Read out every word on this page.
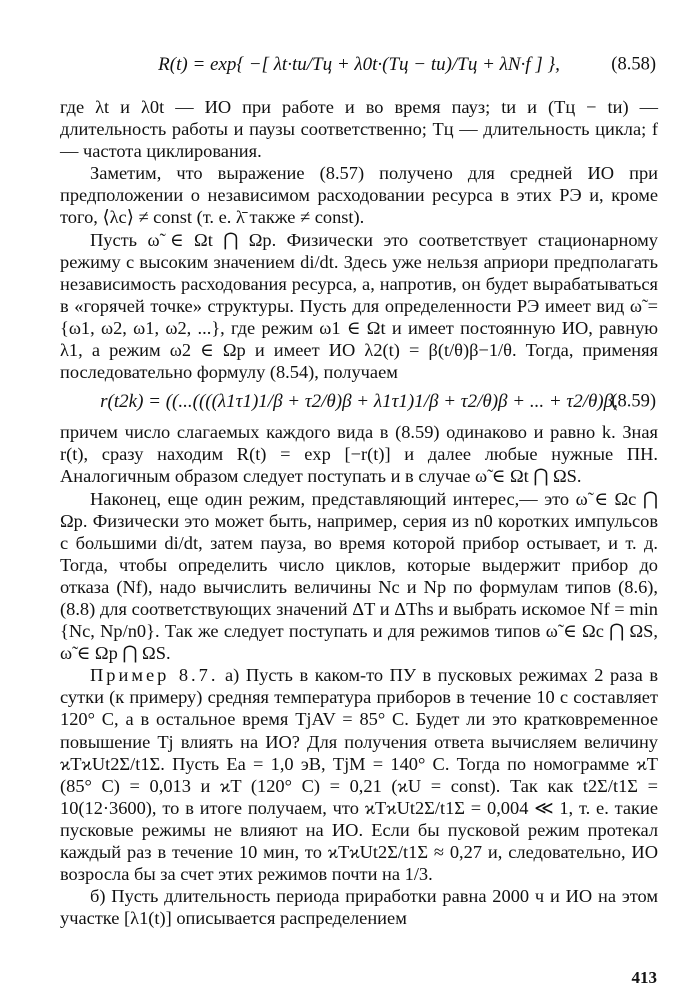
R(t) = exp{ −[ λt·tи/Tц + λ0t·(Tц − tи)/Tц + λN·f ] },	(8.58)

где λt и λ0t — ИО при работе и во время пауз; tи и (Tц − tи) — длительность работы и паузы соответственно; Tц — длительность цикла; f — частота циклирования.

Заметим, что выражение (8.57) получено для средней ИО при предположении о независимом расходовании ресурса в этих РЭ и, кроме того, ⟨λc⟩ ≠ const (т. е. λ̄ также ≠ const).

Пусть ω̃ ∈ Ωt ⋂ Ωp. Физически это соответствует стационарному режиму с высоким значением di/dt. Здесь уже нельзя априори предполагать независимость расходования ресурса, а, напротив, он будет вырабатываться в «горячей точке» структуры. Пусть для определенности РЭ имеет вид ω̃ = {ω1, ω2, ω1, ω2, ...}, где режим ω1 ∈ Ωt и имеет постоянную ИО, равную λ1, а режим ω2 ∈ Ωp и имеет ИО λ2(t) = β(t/θ)β−1/θ. Тогда, применяя последовательно формулу (8.54), получаем

r(t2k) = ((...((((λ1τ1)1/β + τ2/θ)β + λ1τ1)1/β + τ2/θ)β + ... + τ2/θ)β,
(8.59)

причем число слагаемых каждого вида в (8.59) одинаково и равно k. Зная r(t), сразу находим R(t) = exp [−r(t)] и далее любые нужные ПН. Аналогичным образом следует поступать и в случае ω̃ ∈ Ωt ⋂ ΩS.

Наконец, еще один режим, представляющий интерес,— это ω̃ ∈ Ωc ⋂ Ωp. Физически это может быть, например, серия из n0 коротких импульсов с большими di/dt, затем пауза, во время которой прибор остывает, и т. д. Тогда, чтобы определить число циклов, которые выдержит прибор до отказа (Nf), надо вычислить величины Nc и Np по формулам типов (8.6), (8.8) для соответствующих значений ΔT и ΔThs и выбрать искомое Nf = min {Nc, Np/n0}. Так же следует поступать и для режимов типов ω̃ ∈ Ωc ⋂ ΩS, ω̃ ∈ Ωp ⋂ ΩS.

Пример 8.7. а) Пусть в каком-то ПУ в пусковых режимах 2 раза в сутки (к примеру) средняя температура приборов в течение 10 с составляет 120° С, а в остальное время TjAV = 85° С. Будет ли это кратковременное повышение Tj влиять на ИО? Для получения ответа вычисляем величину ϰTϰUt2Σ/t1Σ. Пусть Ea = 1,0 эВ, TjM = 140° С. Тогда по номограмме ϰT (85° С) = 0,013 и ϰT (120° С) = 0,21 (ϰU = const). Так как t2Σ/t1Σ = 10(12·3600), то в итоге получаем, что ϰTϰUt2Σ/t1Σ = 0,004 ≪ 1, т. е. такие пусковые режимы не влияют на ИО. Если бы пусковой режим протекал каждый раз в течение 10 мин, то ϰTϰUt2Σ/t1Σ ≈ 0,27 и, следовательно, ИО возросла бы за счет этих режимов почти на 1/3.

б) Пусть длительность периода приработки равна 2000 ч и ИО на этом участке [λ1(t)] описывается распределением

413
